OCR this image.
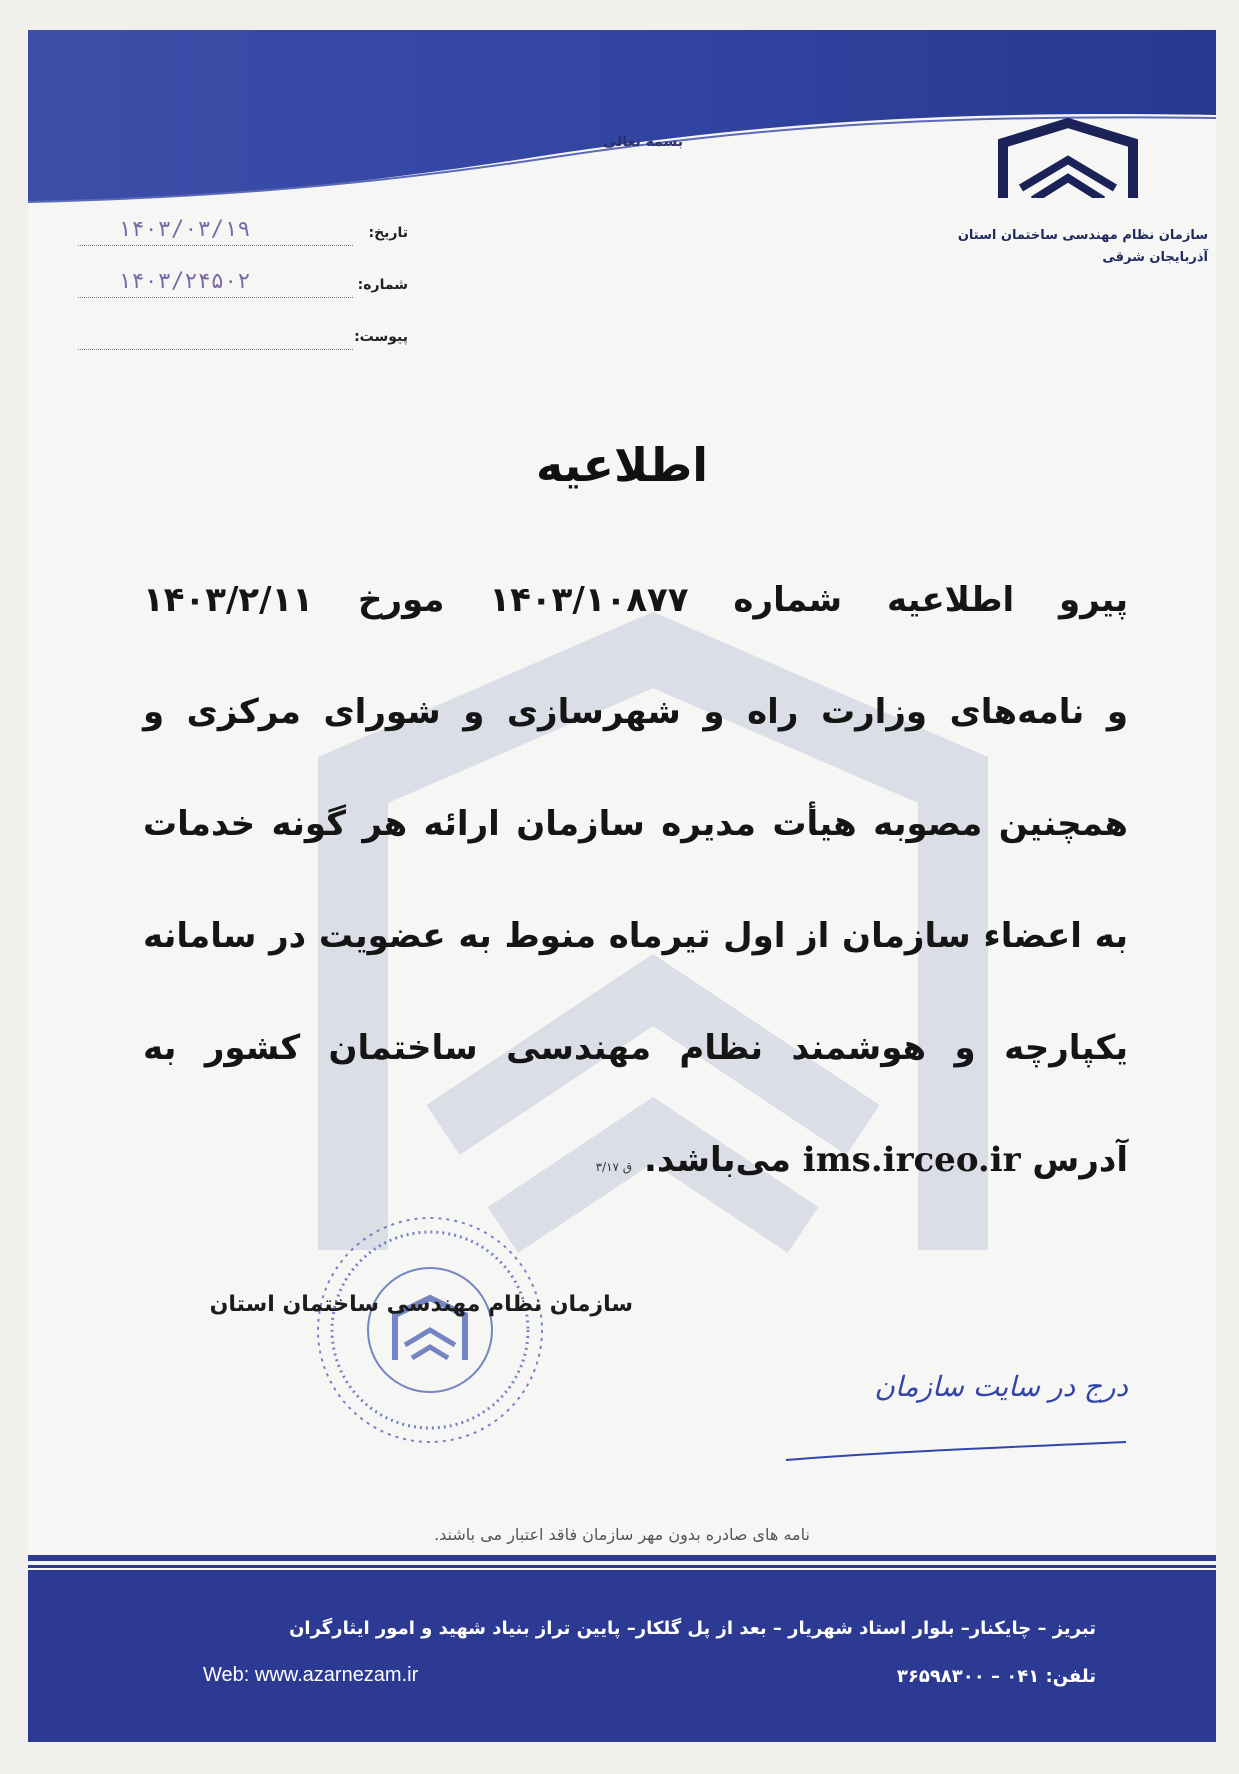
بسمه تعالی
سازمان نظام مهندسی ساختمان استان
آذربایجان شرقی
تاریخ:
۱۴۰۳/۰۳/۱۹
شماره:
۱۴۰۳/۲۴۵۰۲
پیوست:
اطلاعیه
پیرو اطلاعیه شماره ۱۴۰۳/۱۰۸۷۷ مورخ ۱۴۰۳/۲/۱۱
و نامه‌های وزارت راه و شهرسازی و شورای مرکزی و
همچنین مصوبه هیأت مدیره سازمان ارائه هر گونه خدمات
به اعضاء سازمان از اول تیرماه منوط به عضویت در سامانه
یکپارچه و هوشمند نظام مهندسی ساختمان کشور به
آدرس ims.irceo.ir می‌باشد. ق ۳/۱۷
سازمان نظام مهندسی ساختمان استان
درج در سایت سازمان
نامه های صادره بدون مهر سازمان فاقد اعتبار می باشند.
تبریز – چایکنار– بلوار استاد شهریار – بعد از پل گلکار– پایین تراز بنیاد شهید و امور ایثارگران
تلفن: ۰۴۱ – ۳۶۵۹۸۳۰۰
Web: www.azarnezam.ir
